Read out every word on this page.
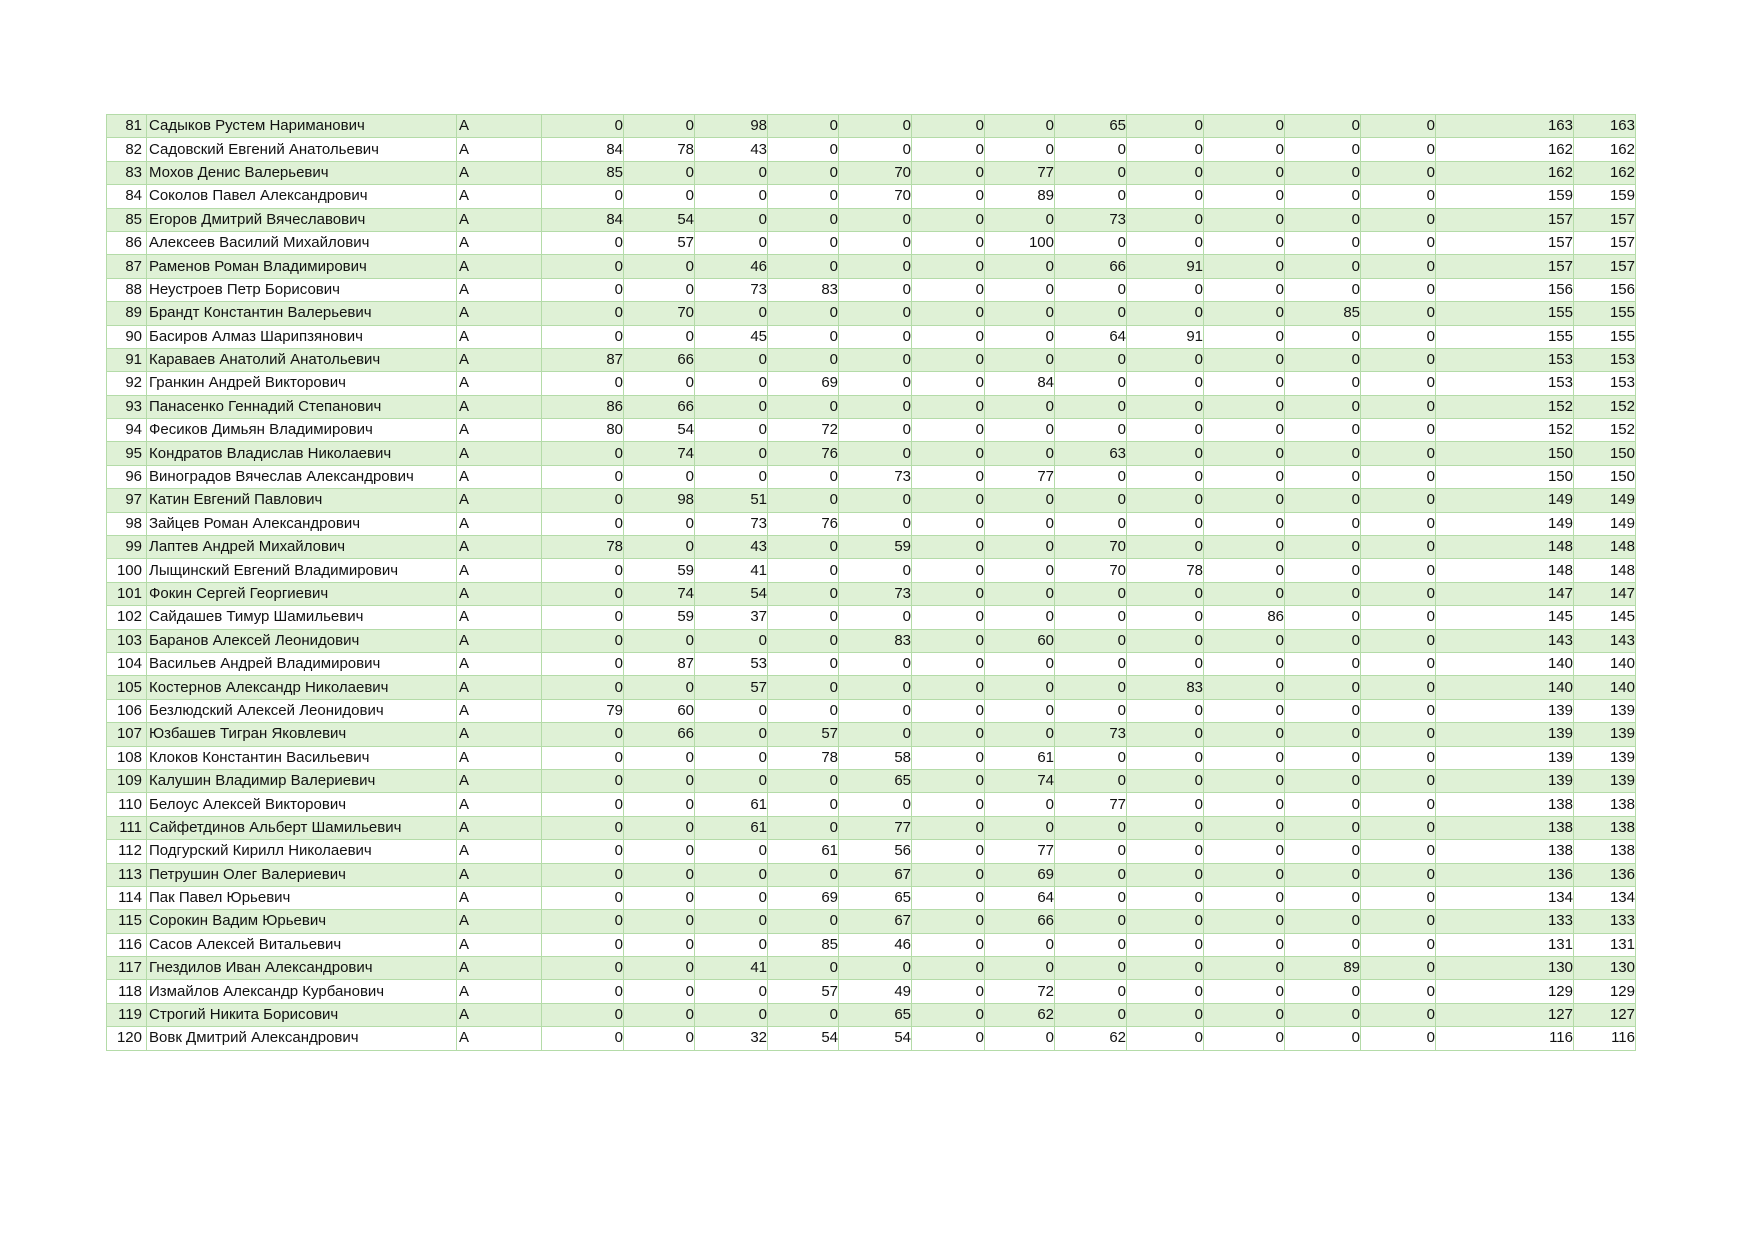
81	Садыков Рустем Нариманович	А	0	0	98	0	0	0	0	65	0	0	0	0	163	163
82	Садовский Евгений Анатольевич	А	84	78	43	0	0	0	0	0	0	0	0	0	162	162
83	Мохов Денис Валерьевич	А	85	0	0	0	70	0	77	0	0	0	0	0	162	162
84	Соколов Павел Александрович	А	0	0	0	0	70	0	89	0	0	0	0	0	159	159
85	Егоров Дмитрий Вячеславович	А	84	54	0	0	0	0	0	73	0	0	0	0	157	157
86	Алексеев Василий Михайлович	А	0	57	0	0	0	0	100	0	0	0	0	0	157	157
87	Раменов Роман Владимирович	А	0	0	46	0	0	0	0	66	91	0	0	0	157	157
88	Неустроев Петр Борисович	А	0	0	73	83	0	0	0	0	0	0	0	0	156	156
89	Брандт Константин Валерьевич	А	0	70	0	0	0	0	0	0	0	0	85	0	155	155
90	Басиров Алмаз Шарипзянович	А	0	0	45	0	0	0	0	64	91	0	0	0	155	155
91	Караваев Анатолий Анатольевич	А	87	66	0	0	0	0	0	0	0	0	0	0	153	153
92	Гранкин Андрей Викторович	А	0	0	0	69	0	0	84	0	0	0	0	0	153	153
93	Панасенко Геннадий Степанович	А	86	66	0	0	0	0	0	0	0	0	0	0	152	152
94	Фесиков Димьян Владимирович	А	80	54	0	72	0	0	0	0	0	0	0	0	152	152
95	Кондратов Владислав Николаевич	А	0	74	0	76	0	0	0	63	0	0	0	0	150	150
96	Виноградов Вячеслав Александрович	А	0	0	0	0	73	0	77	0	0	0	0	0	150	150
97	Катин Евгений Павлович	А	0	98	51	0	0	0	0	0	0	0	0	0	149	149
98	Зайцев Роман Александрович	А	0	0	73	76	0	0	0	0	0	0	0	0	149	149
99	Лаптев Андрей Михайлович	А	78	0	43	0	59	0	0	70	0	0	0	0	148	148
100	Лыщинский Евгений Владимирович	А	0	59	41	0	0	0	0	70	78	0	0	0	148	148
101	Фокин Сергей Георгиевич	А	0	74	54	0	73	0	0	0	0	0	0	0	147	147
102	Сайдашев Тимур Шамильевич	А	0	59	37	0	0	0	0	0	0	86	0	0	145	145
103	Баранов Алексей Леонидович	А	0	0	0	0	83	0	60	0	0	0	0	0	143	143
104	Васильев Андрей Владимирович	А	0	87	53	0	0	0	0	0	0	0	0	0	140	140
105	Костернов Александр Николаевич	А	0	0	57	0	0	0	0	0	83	0	0	0	140	140
106	Безлюдский Алексей Леонидович	А	79	60	0	0	0	0	0	0	0	0	0	0	139	139
107	Юзбашев Тигран Яковлевич	А	0	66	0	57	0	0	0	73	0	0	0	0	139	139
108	Клоков Константин Васильевич	А	0	0	0	78	58	0	61	0	0	0	0	0	139	139
109	Калушин Владимир Валериевич	А	0	0	0	0	65	0	74	0	0	0	0	0	139	139
110	Белоус Алексей Викторович	А	0	0	61	0	0	0	0	77	0	0	0	0	138	138
111	Сайфетдинов Альберт Шамильевич	А	0	0	61	0	77	0	0	0	0	0	0	0	138	138
112	Подгурский Кирилл Николаевич	А	0	0	0	61	56	0	77	0	0	0	0	0	138	138
113	Петрушин Олег Валериевич	А	0	0	0	0	67	0	69	0	0	0	0	0	136	136
114	Пак Павел Юрьевич	А	0	0	0	69	65	0	64	0	0	0	0	0	134	134
115	Сорокин Вадим Юрьевич	А	0	0	0	0	67	0	66	0	0	0	0	0	133	133
116	Сасов Алексей Витальевич	А	0	0	0	85	46	0	0	0	0	0	0	0	131	131
117	Гнездилов Иван Александрович	А	0	0	41	0	0	0	0	0	0	0	89	0	130	130
118	Измайлов Александр Курбанович	А	0	0	0	57	49	0	72	0	0	0	0	0	129	129
119	Строгий Никита Борисович	А	0	0	0	0	65	0	62	0	0	0	0	0	127	127
120	Вовк Дмитрий Александрович	А	0	0	32	54	54	0	0	62	0	0	0	0	116	116
